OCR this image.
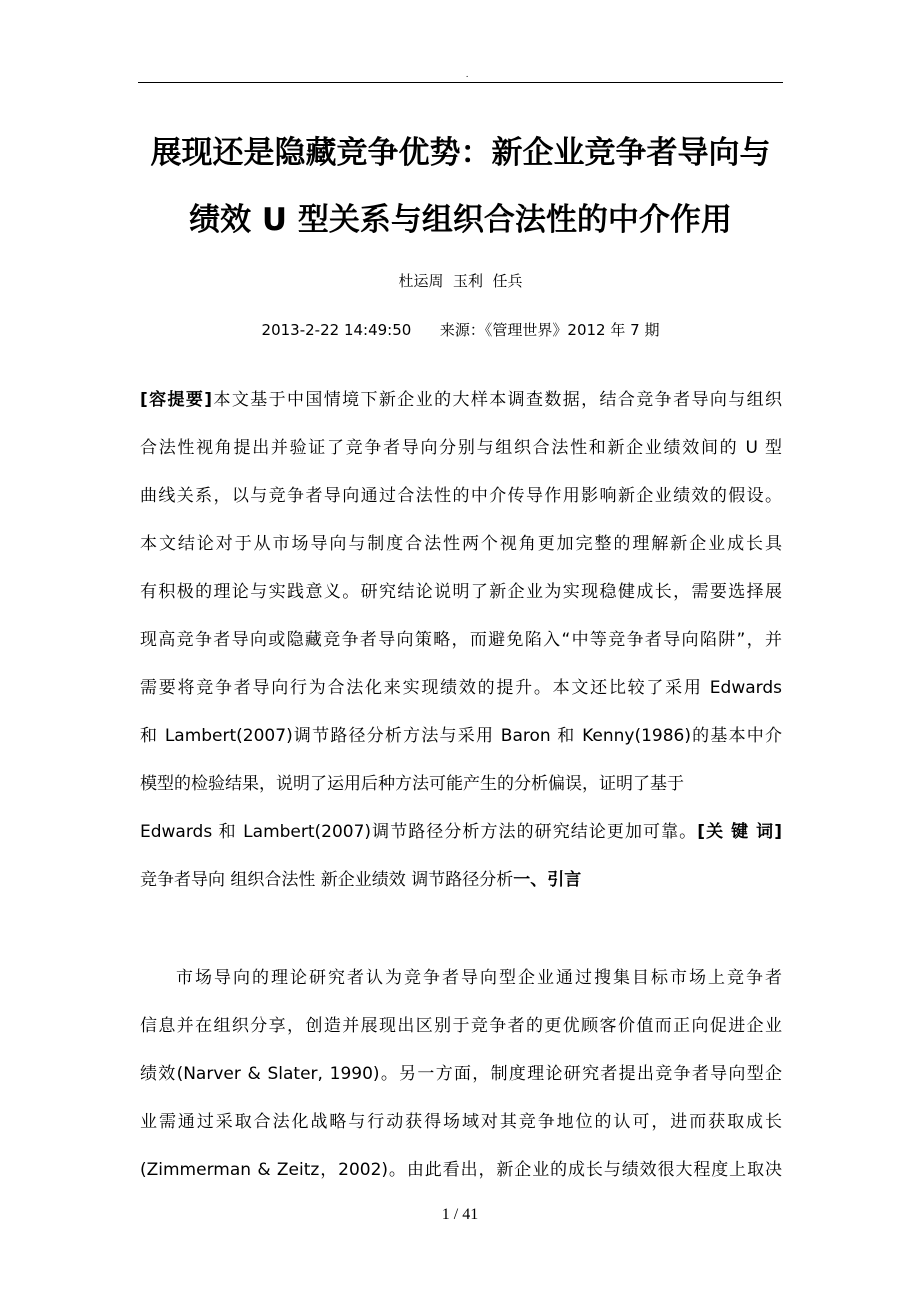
.
展现还是隐藏竞争优势：新企业竞争者导向与
绩效 U 型关系与组织合法性的中介作用
杜运周  玉利  任兵
2013-2-22 14:49:50      来源：《管理世界》2012 年 7 期
[容提要]本文基于中国情境下新企业的大样本调查数据，结合竞争者导向与组织
合法性视角提出并验证了竞争者导向分别与组织合法性和新企业绩效间的 U 型
曲线关系，以与竞争者导向通过合法性的中介传导作用影响新企业绩效的假设。
本文结论对于从市场导向与制度合法性两个视角更加完整的理解新企业成长具
有积极的理论与实践意义。研究结论说明了新企业为实现稳健成长，需要选择展
现高竞争者导向或隐藏竞争者导向策略，而避免陷入“中等竞争者导向陷阱”，并
需要将竞争者导向行为合法化来实现绩效的提升。本文还比较了采用 Edwards
和 Lambert(2007)调节路径分析方法与采用 Baron 和 Kenny(1986)的基本中介
模型的检验结果，说明了运用后种方法可能产生的分析偏误，证明了基于
Edwards 和 Lambert(2007)调节路径分析方法的研究结论更加可靠。[关 键 词]
竞争者导向 组织合法性 新企业绩效 调节路径分析一、引言
市场导向的理论研究者认为竞争者导向型企业通过搜集目标市场上竞争者
信息并在组织分享，创造并展现出区别于竞争者的更优顾客价值而正向促进企业
绩效(Narver & Slater, 1990)。另一方面，制度理论研究者提出竞争者导向型企
业需通过采取合法化战略与行动获得场域对其竞争地位的认可，进而获取成长
(Zimmerman & Zeitz，2002)。由此看出，新企业的成长与绩效很大程度上取决
1 / 41
